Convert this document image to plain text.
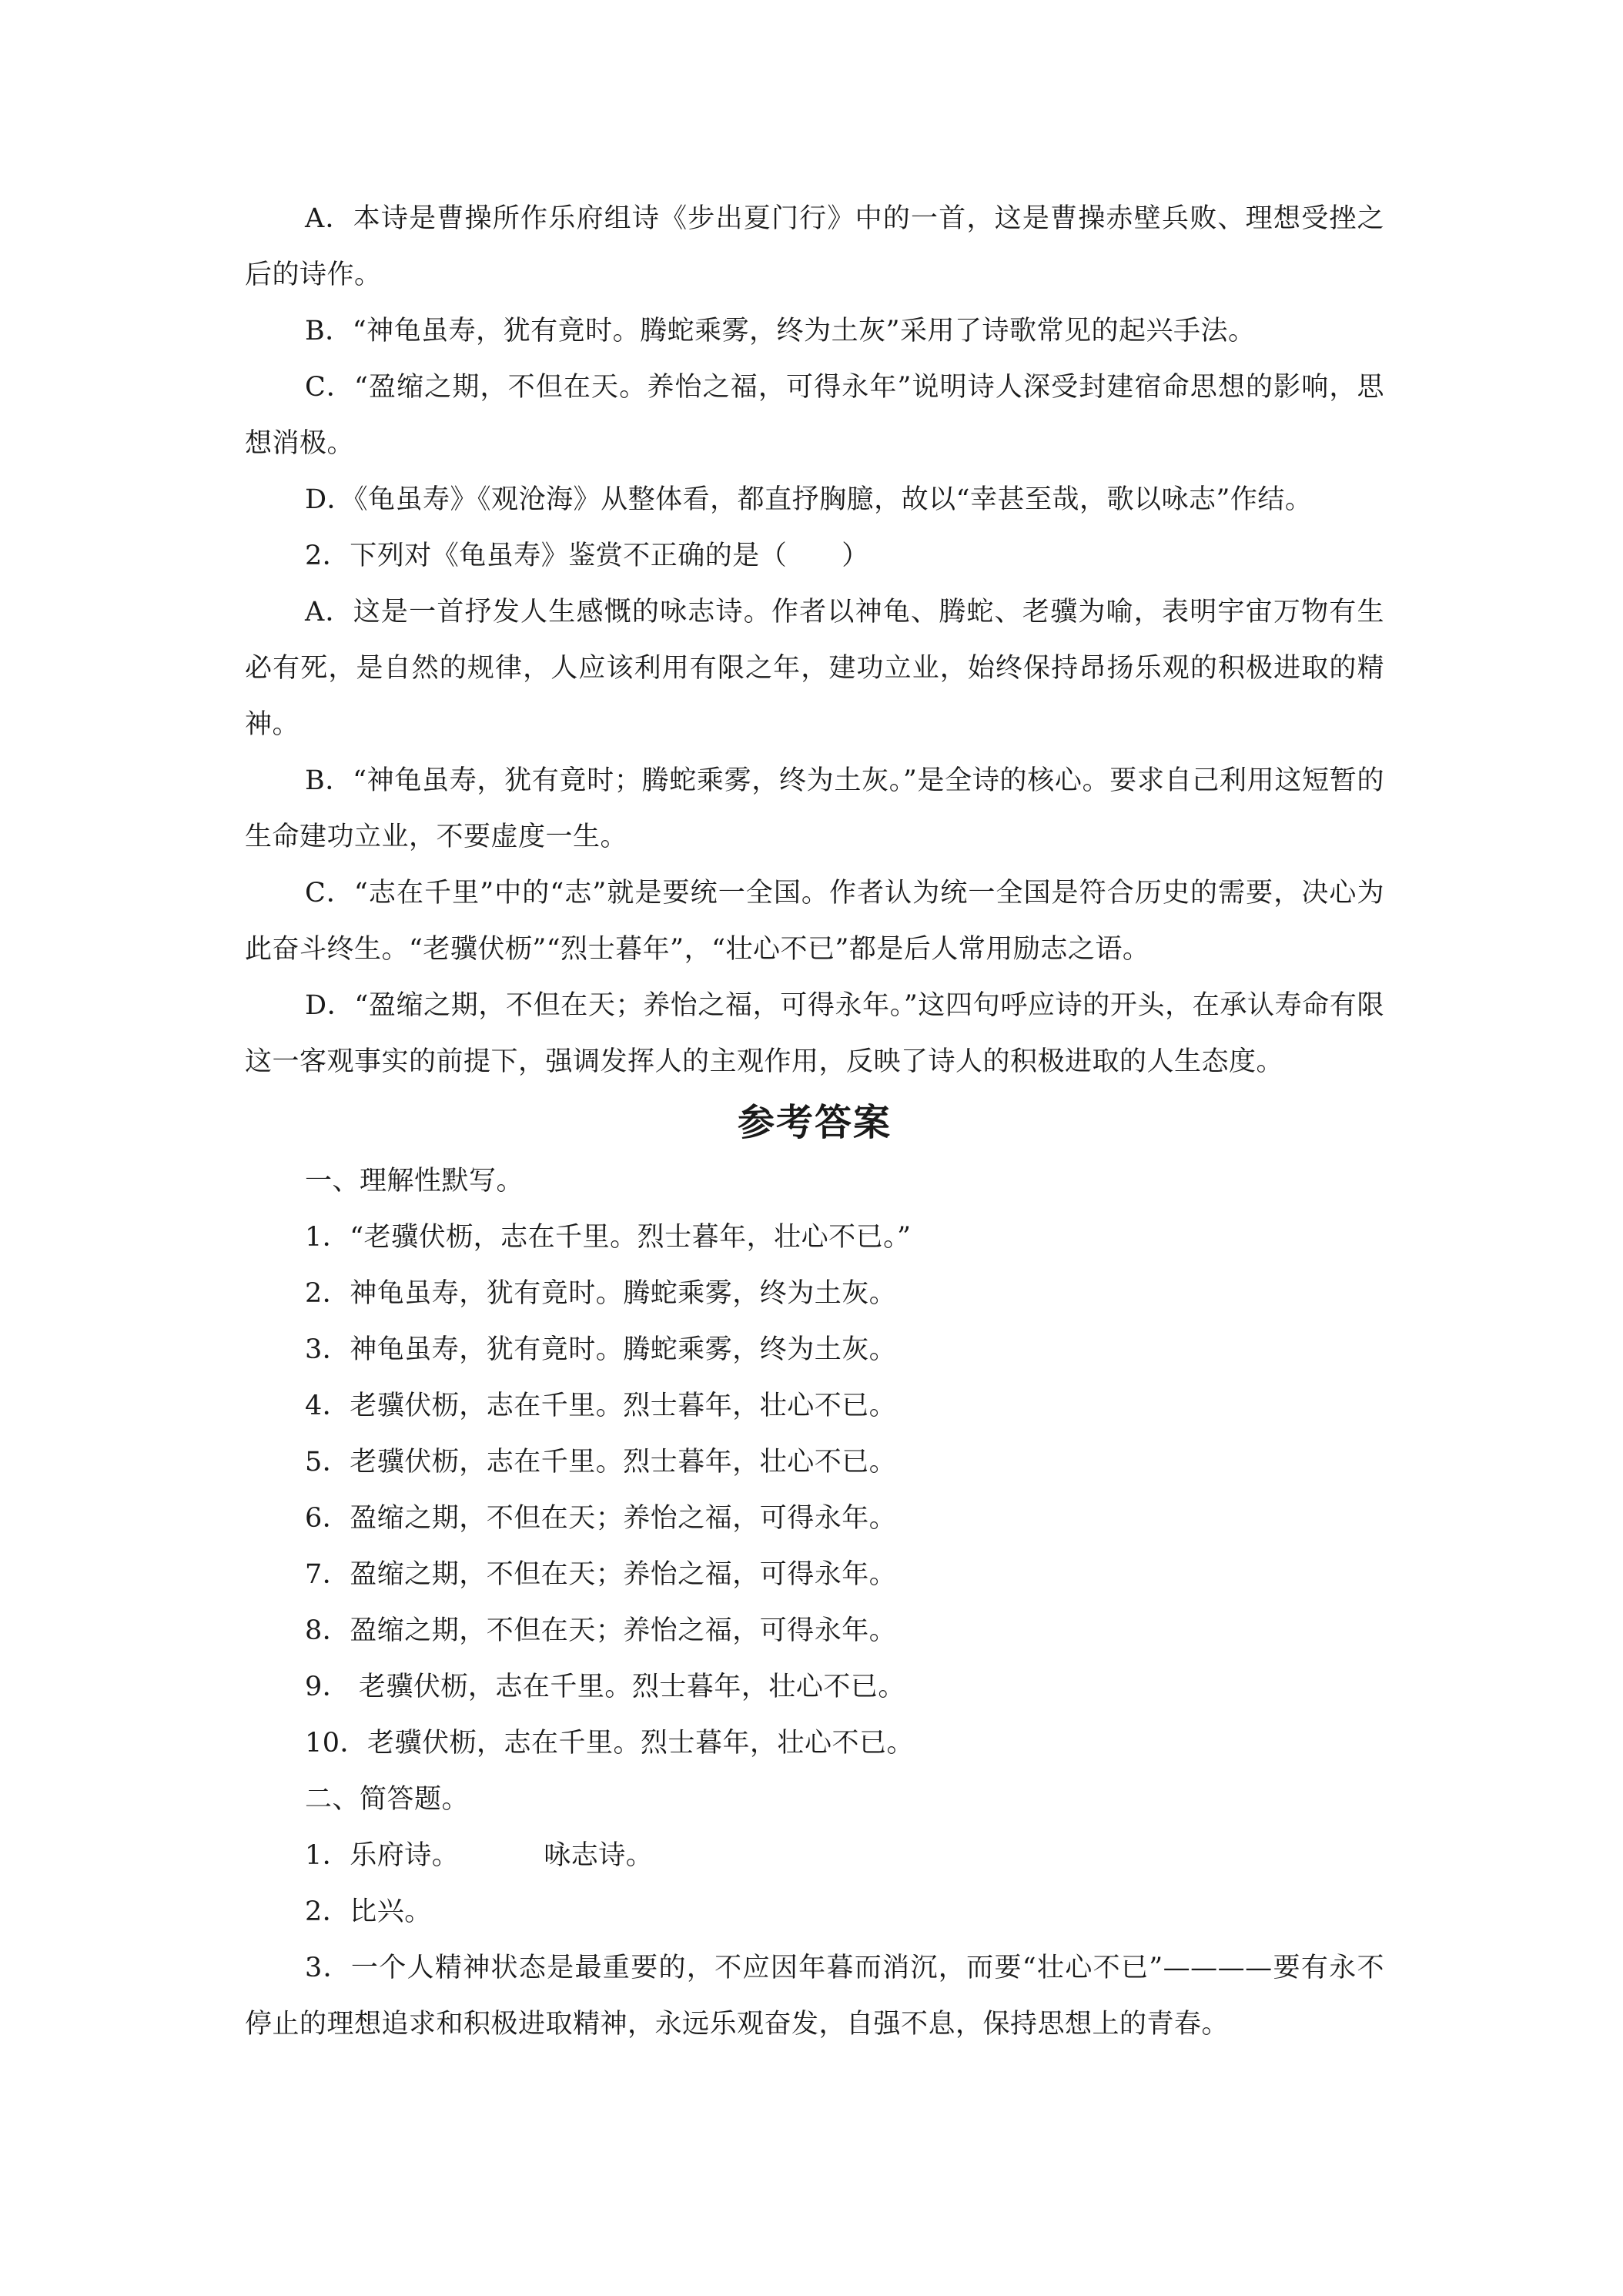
A．本诗是曹操所作乐府组诗《步出夏门行》中的一首，这是曹操赤壁兵败、理想受挫之后的诗作。

B．“神龟虽寿，犹有竟时。腾蛇乘雾，终为土灰”采用了诗歌常见的起兴手法。

C．“盈缩之期，不但在天。养怡之福，可得永年”说明诗人深受封建宿命思想的影响，思想消极。

D．《龟虽寿》《观沧海》从整体看，都直抒胸臆，故以“幸甚至哉，歌以咏志”作结。

2．下列对《龟虽寿》鉴赏不正确的是（　　）

A．这是一首抒发人生感慨的咏志诗。作者以神龟、腾蛇、老骥为喻，表明宇宙万物有生必有死，是自然的规律，人应该利用有限之年，建功立业，始终保持昂扬乐观的积极进取的精神。

B．“神龟虽寿，犹有竟时；腾蛇乘雾，终为土灰。”是全诗的核心。要求自己利用这短暂的生命建功立业，不要虚度一生。

C．“志在千里”中的“志”就是要统一全国。作者认为统一全国是符合历史的需要，决心为此奋斗终生。“老骥伏枥”“烈士暮年”，“壮心不已”都是后人常用励志之语。

D．“盈缩之期，不但在天；养怡之福，可得永年。”这四句呼应诗的开头，在承认寿命有限这一客观事实的前提下，强调发挥人的主观作用，反映了诗人的积极进取的人生态度。

参考答案

一、理解性默写。

1．“老骥伏枥，志在千里。烈士暮年，壮心不已。”

2．神龟虽寿，犹有竟时。腾蛇乘雾，终为土灰。

3．神龟虽寿，犹有竟时。腾蛇乘雾，终为土灰。

4．老骥伏枥，志在千里。烈士暮年，壮心不已。

5．老骥伏枥，志在千里。烈士暮年，壮心不已。

6．盈缩之期，不但在天；养怡之福，可得永年。

7．盈缩之期，不但在天；养怡之福，可得永年。

8．盈缩之期，不但在天；养怡之福，可得永年。

9． 老骥伏枥，志在千里。烈士暮年，壮心不已。

10．老骥伏枥，志在千里。烈士暮年，壮心不已。

二、简答题。

1．乐府诗。	咏志诗。

2．比兴。

3．一个人精神状态是最重要的，不应因年暮而消沉，而要“壮心不已”————要有永不停止的理想追求和积极进取精神，永远乐观奋发，自强不息，保持思想上的青春。
